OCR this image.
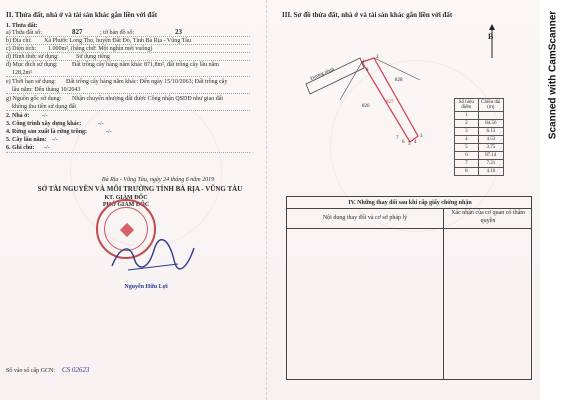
II. Thửa đất, nhà ở và tài sản khác gắn liền với đất
1. Thửa đất:
a) Thửa đất số:	827	; tờ bản đồ số:	23
b) Địa chỉ: Xã Phước Long Thọ, huyện Đất Đỏ, Tỉnh Bà Rịa - Vũng Tàu
c) Diện tích: 1.000m², (bằng chữ: Một nghìn mét vuông)
d) Hình thức sử dụng:	Sử dụng riêng
đ) Mục đích sử dụng: Đất trồng cây hàng năm khác 871,8m², đất trồng cây lâu năm
128,2m²
e) Thời hạn sử dụng: Đất trồng cây hàng năm khác: Đến ngày 15/10/2063; Đất trồng cây
lâu năm: Đến tháng 10/2043
g) Nguồn gốc sử dụng: Nhận chuyển nhượng đất được Công nhận QSDĐ như giao đất
không thu tiền sử dụng đất
2. Nhà ở: -/-
3. Công trình xây dựng khác:	-/-
4. Rừng sản xuất là rừng trồng:	-/-
5. Cây lâu năm: -/-
6. Ghi chú: -/-
Bà Rịa - Vũng Tàu, ngày 24 tháng 6 năm 2019
SỞ TÀI NGUYÊN VÀ MÔI TRƯỜNG TỈNH BÀ RỊA - VŨNG TÀU
KT. GIÁM ĐỐC
PHÓ GIÁM ĐỐC
Nguyễn Hữu Lợi
Số vào sổ cấp GCN: CS 02623
III. Sơ đồ thửa đất, nhà ở và tài sản khác gắn liền với đất
B
Đường nhựa	828
826
827
1
2
3
4
5
6
7
8
Số hiệu điểm	Chiều dài (m)
1	
2	84.56
3	6.13
4	4.53
5	3.75
6	87.14
7	7.21
8	4.16
IV. Những thay đổi sau khi cấp giấy chứng nhận
Nội dung thay đổi và cơ sở pháp lý
Xác nhận của cơ quan có thẩm quyền
Scanned with CamScanner
